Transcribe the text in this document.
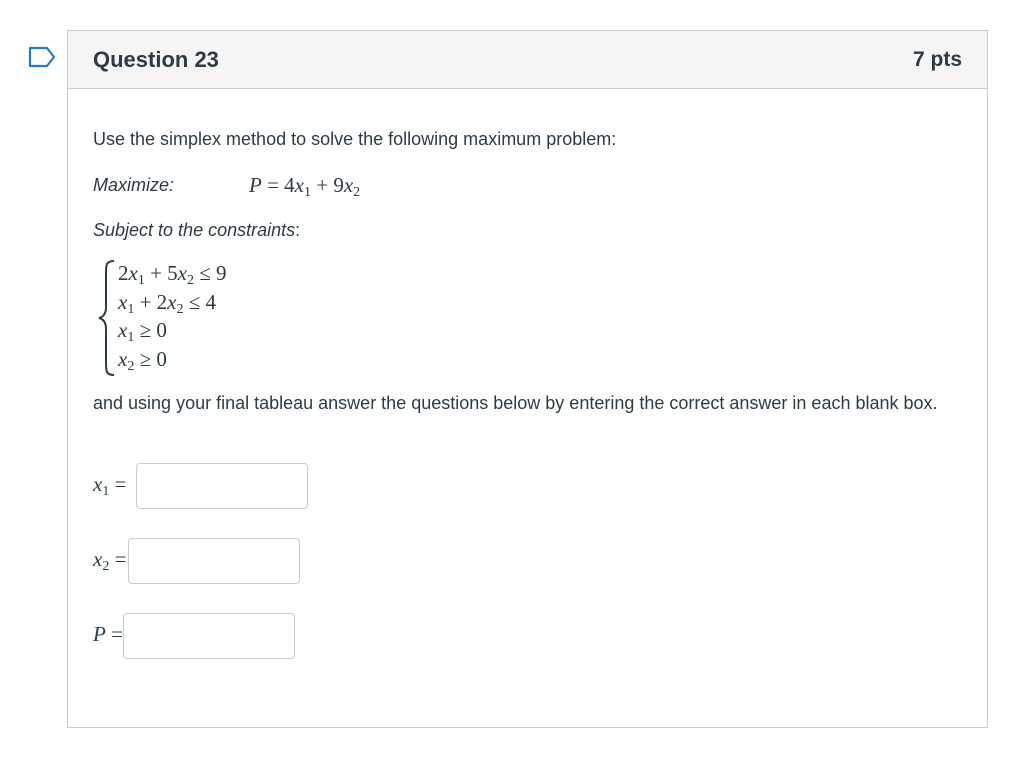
Question 23	7 pts
Use the simplex method to solve the following maximum problem:
Maximize:	$P = 4x_1 + 9x_2$
Subject to the constraints:
$2x_1 + 5x_2 \le 9$
$x_1 + 2x_2 \le 4$
$x_1 \ge 0$
$x_2 \ge 0$
and using your final tableau answer the questions below by entering the correct answer in each blank box.
$x_1$ =
$x_2$ =
P =
